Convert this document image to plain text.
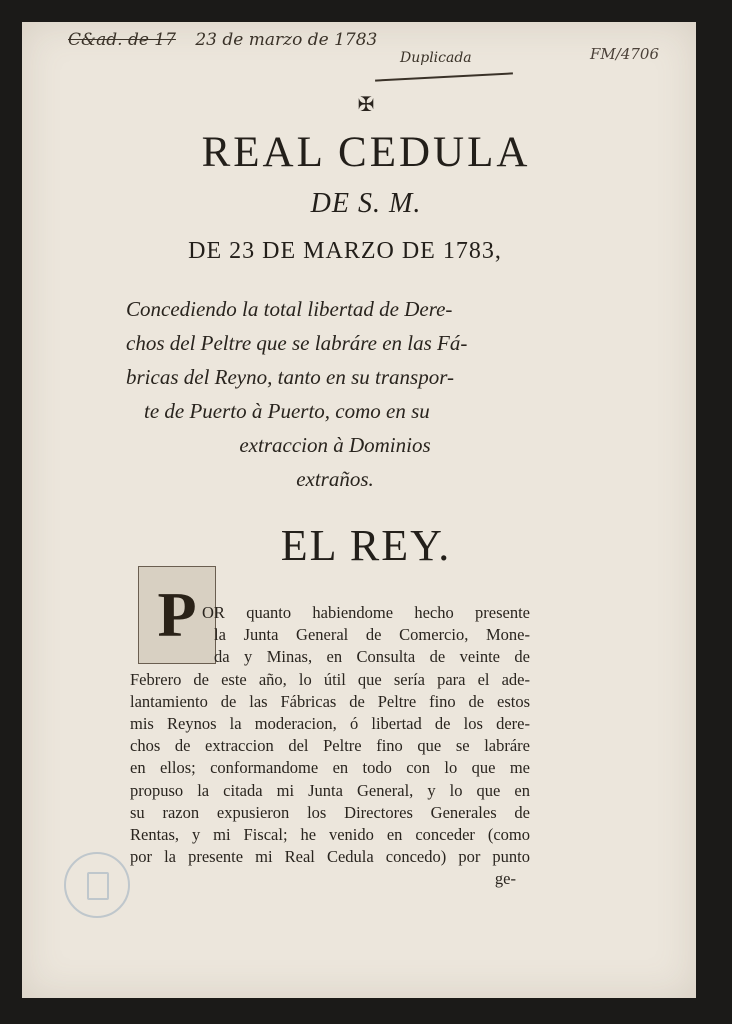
C&ad. de 17 23 de marzo de 1783
Duplicada	FM/4706
✠
REAL CEDULA
DE S. M.
DE 23 DE MARZO DE 1783,
Concediendo la total libertad de Dere-
chos del Peltre que se labráre en las Fá-
bricas del Reyno, tanto en su transpor-
te de Puerto à Puerto, como en su
extraccion à Dominios
extraños.
EL REY.
P OR quanto habiendome hecho presente
la Junta General de Comercio, Mone-
da y Minas, en Consulta de veinte de
Febrero de este año, lo útil que sería para el ade-
lantamiento de las Fábricas de Peltre fino de estos
mis Reynos la moderacion, ó libertad de los dere-
chos de extraccion del Peltre fino que se labráre
en ellos; conformandome en todo con lo que me
propuso la citada mi Junta General, y lo que en
su razon expusieron los Directores Generales de
Rentas, y mi Fiscal; he venido en conceder (como
por la presente mi Real Cedula concedo) por punto
ge-
